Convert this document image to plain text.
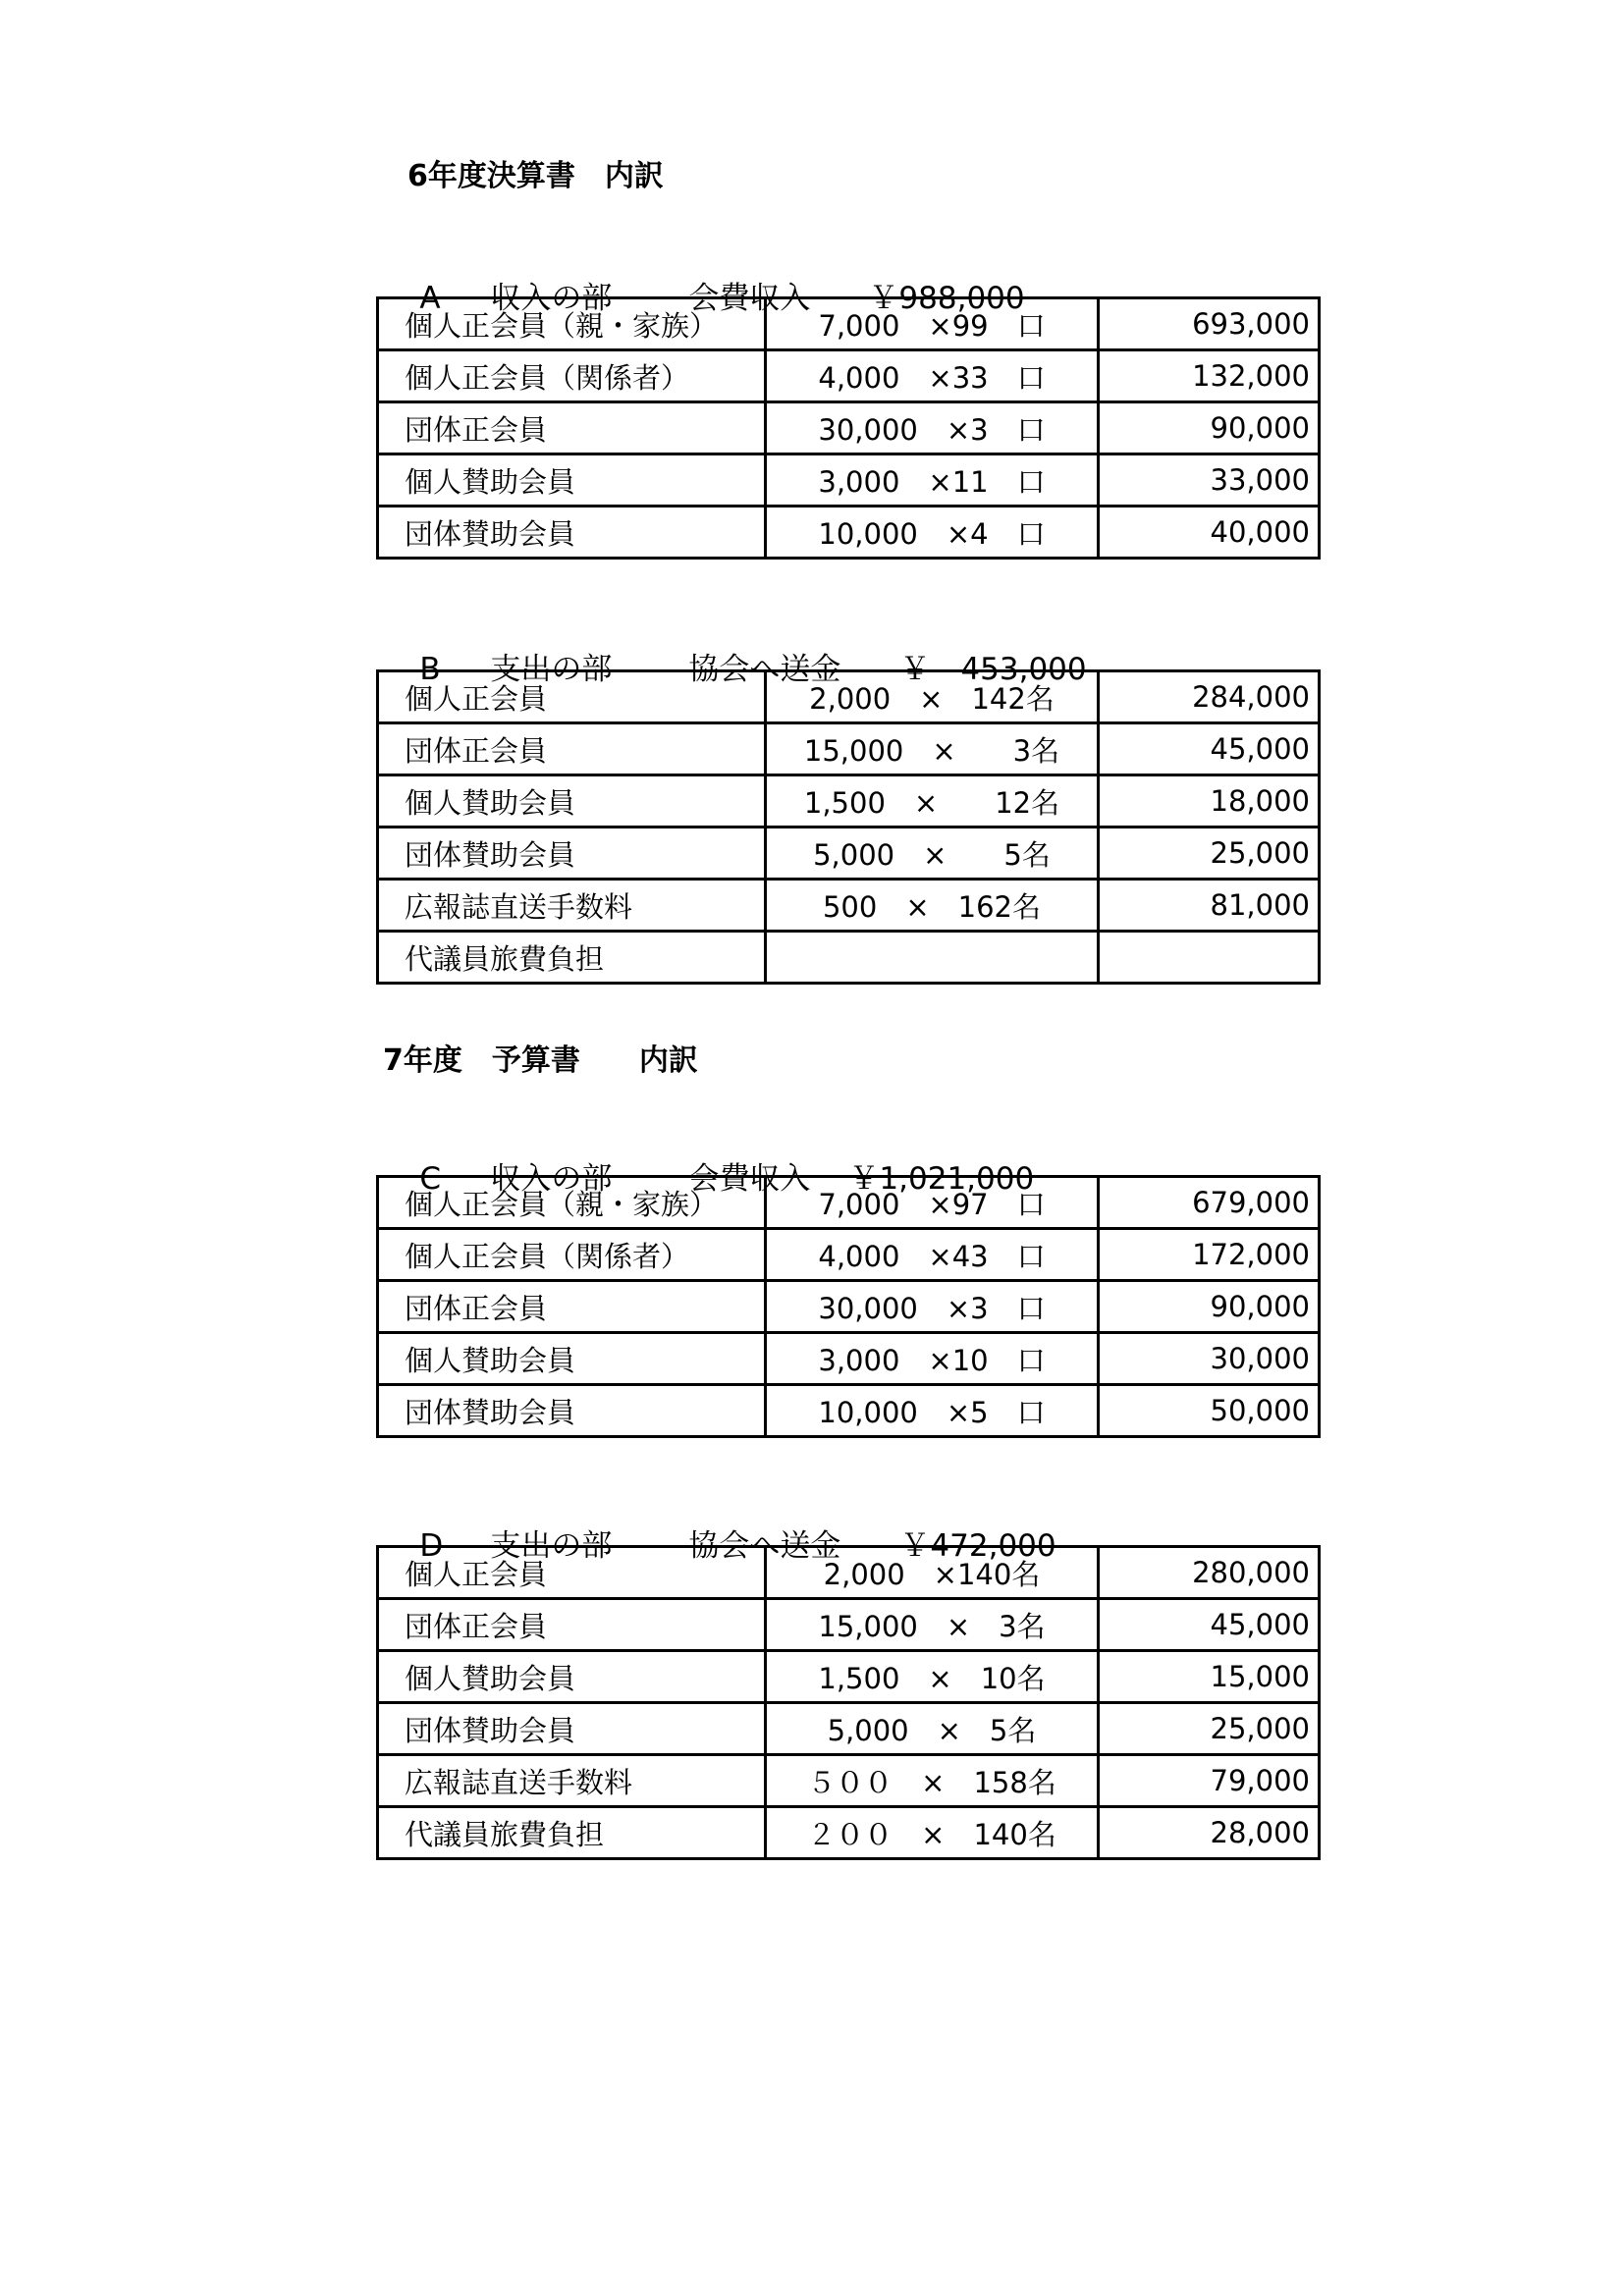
6年度決算書　内訳

A 収入の部	会費収入 ￥988,000

個人正会員（親・家族）	7,000　×99　口	693,000
個人正会員（関係者）	4,000　×33　口	132,000
団体正会員	30,000　×3　口	90,000
個人賛助会員	3,000　×11　口	33,000
団体賛助会員	10,000　×4　口	40,000

B 支出の部	協会へ送金 ￥　453,000

個人正会員	2,000　×　142名	284,000
団体正会員	15,000　×　　3名	45,000
個人賛助会員	1,500　×　　12名	18,000
団体賛助会員	5,000　×　　5名	25,000
広報誌直送手数料	500　×　162名	81,000
代議員旅費負担		
7年度　予算書　　内訳

C 収入の部	会費収入 ￥1,021,000

個人正会員（親・家族）	7,000　×97　口	679,000
個人正会員（関係者）	4,000　×43　口	172,000
団体正会員	30,000　×3　口	90,000
個人賛助会員	3,000　×10　口	30,000
団体賛助会員	10,000　×5　口	50,000

D 支出の部	協会へ送金 ￥472,000

個人正会員	2,000　×140名	280,000
団体正会員	15,000　×　3名	45,000
個人賛助会員	1,500　×　10名	15,000
団体賛助会員	5,000　×　5名	25,000
広報誌直送手数料	５００　×　158名	79,000
代議員旅費負担	２００　×　140名	28,000
